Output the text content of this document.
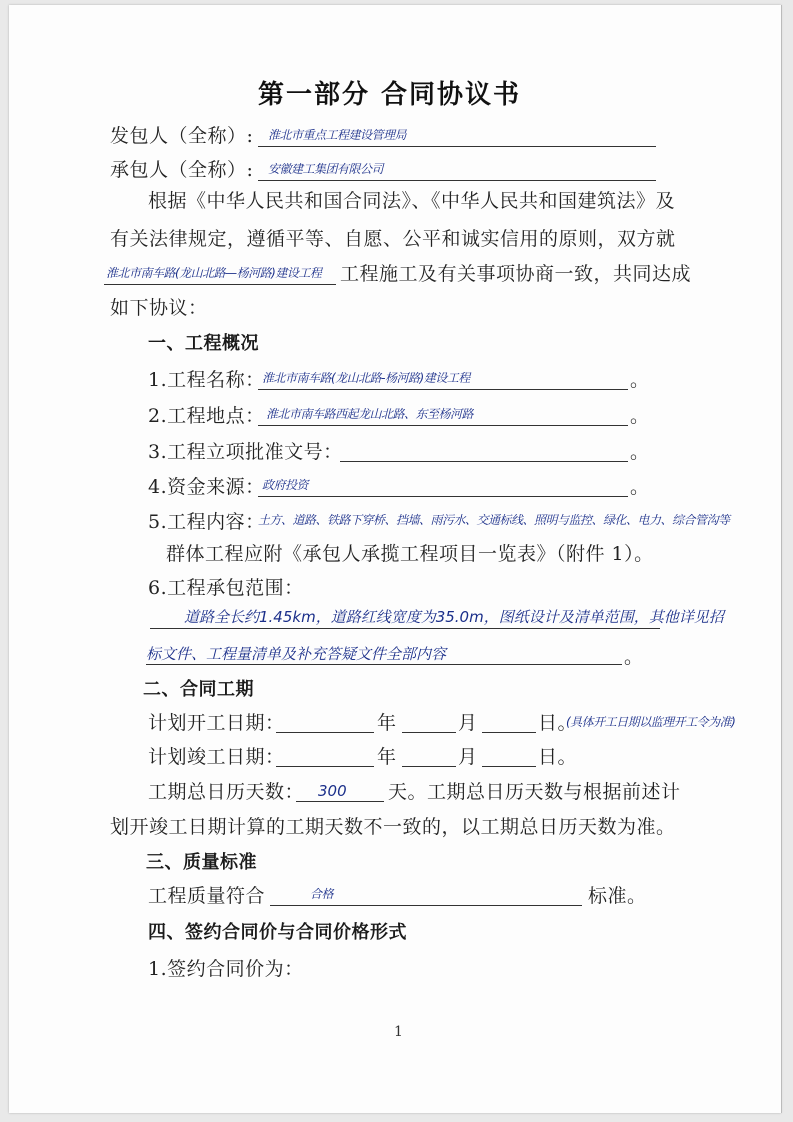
第一部分 合同协议书
发包人（全称）: 淮北市重点工程建设管理局
承包人（全称）: 安徽建工集团有限公司
根据《中华人民共和国合同法》、《中华人民共和国建筑法》及
有关法律规定，遵循平等、自愿、公平和诚实信用的原则，双方就
淮北市南车路(龙山北路—杨河路)建设工程 工程施工及有关事项协商一致，共同达成
如下协议：
一、工程概况
1.工程名称：
淮北市南车路(龙山北路-杨河路)建设工程	。
2.工程地点： 淮北市南车路西起龙山北路、东至杨河路	。
3.工程立项批准文号：	。
4.资金来源：
政府投资	。
5.工程内容：
土方、道路、铁路下穿桥、挡墙、雨污水、交通标线、照明与监控、绿化、电力、综合管沟等
群体工程应附《承包人承揽工程项目一览表》（附件 1）。
6.工程承包范围：
道路全长约1.45km，道路红线宽度为35.0m，图纸设计及清单范围，其他详见招
标文件、工程量清单及补充答疑文件全部内容	。
二、合同工期
计划开工日期：	年	月	日。
(具体开工日期以监理开工令为准)
计划竣工日期：	年	月	日。
工期总日历天数： 300 天。工期总日历天数与根据前述计
划开竣工日期计算的工期天数不一致的，以工期总日历天数为准。
三、质量标准
工程质量符合	合格	标准。
四、签约合同价与合同价格形式
1.签约合同价为：
1
